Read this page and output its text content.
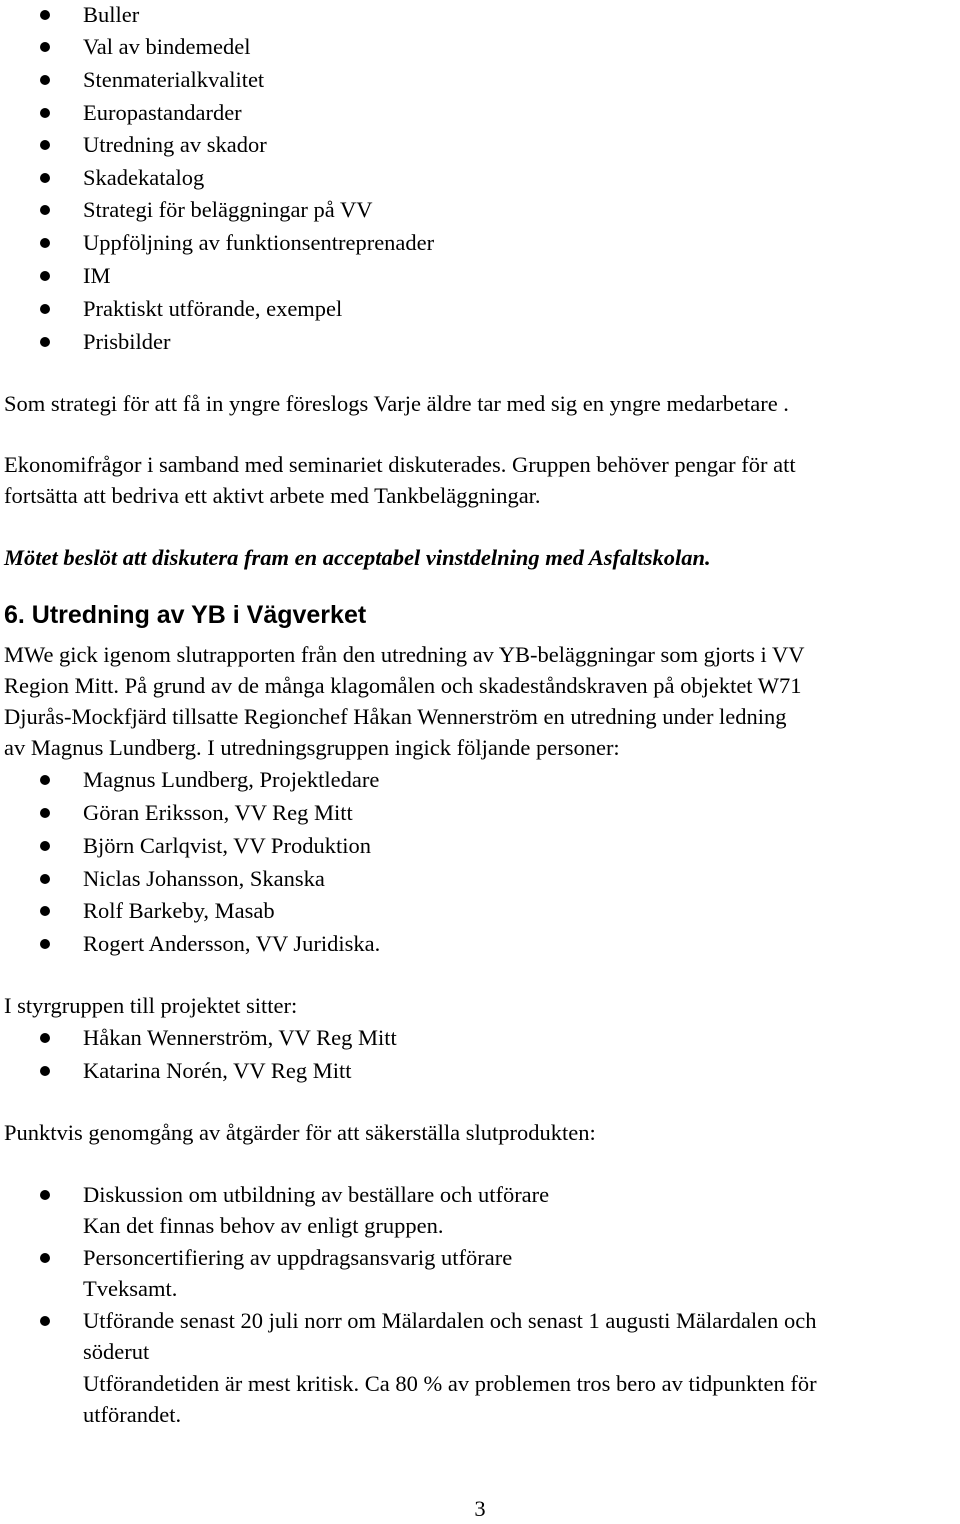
Buller

Val av bindemedel

Stenmaterialkvalitet

Europastandarder

Utredning av skador

Skadekatalog

Strategi för beläggningar på VV

Uppföljning av funktionsentreprenader

IM

Praktiskt utförande, exempel

Prisbilder

Som strategi för att få in yngre föreslogs Varje äldre tar med sig en yngre medarbetare .

Ekonomifrågor i samband med seminariet diskuterades. Gruppen behöver pengar för att

fortsätta att bedriva ett aktivt arbete med Tankbeläggningar.

Mötet beslöt att diskutera fram en acceptabel vinstdelning med Asfaltskolan.

6. Utredning av YB i Vägverket

MWe gick igenom slutrapporten från den utredning av YB-beläggningar som gjorts i VV

Region Mitt. På grund av de många klagomålen och skadeståndskraven på objektet W71

Djurås-Mockfjärd tillsatte Regionchef Håkan Wennerström en utredning under ledning

av Magnus Lundberg. I utredningsgruppen ingick följande personer:

Magnus Lundberg, Projektledare

Göran Eriksson, VV Reg Mitt

Björn Carlqvist, VV Produktion

Niclas Johansson, Skanska

Rolf Barkeby, Masab

Rogert Andersson, VV Juridiska.

I styrgruppen till projektet sitter:

Håkan Wennerström, VV Reg Mitt

Katarina Norén, VV Reg Mitt

Punktvis genomgång av åtgärder för att säkerställa slutprodukten:

Diskussion om utbildning av beställare och utförare

Kan det finnas behov av enligt gruppen.

Personcertifiering av uppdragsansvarig utförare

Tveksamt.

Utförande senast 20 juli norr om Mälardalen och senast 1 augusti Mälardalen och

söderut

Utförandetiden är mest kritisk. Ca 80 % av problemen tros bero av tidpunkten för

utförandet.

3
